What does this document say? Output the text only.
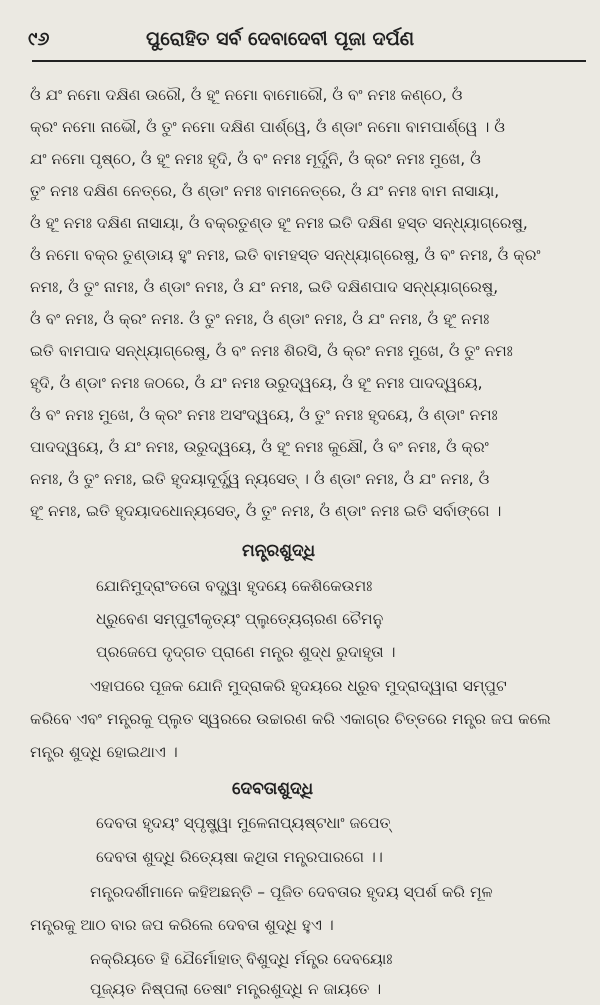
୯୬	ପୁରୋହିତ ସର୍ବ ଦେବାଦେବୀ ପୂଜା ଦର୍ପଣ
ଓଁ ଯଂ ନମୋ ଦକ୍ଷିଣ ଉରୌ, ଓଁ ହୂଂ ନମୋ ବାମୋରୌ, ଓଁ ବଂ ନମଃ କଣ୍ଠେ, ଓଁ
କ୍ରଂ ନମୋ ନାଭୌ, ଓଁ ତୁଂ ନମୋ ଦକ୍ଷିଣ ପାର୍ଶ୍ୱେ, ଓଁ ଣ୍ଡାଂ ନମୋ ବାମପାର୍ଶ୍ୱେ । ଓଁ
ଯଂ ନମୋ ପୃଷ୍ଠେ, ଓଁ ହୂଂ ନମଃ ହୃଦି, ଓଁ ବଂ ନମଃ ମୂର୍ଦ୍ଧ୍ନି, ଓଁ କ୍ରଂ ନମଃ ମୁଖେ, ଓଁ
ତୁଂ ନମଃ ଦକ୍ଷିଣ ନେତ୍ରେ, ଓଁ ଣ୍ଡାଂ ନମଃ ବାମନେତ୍ରେ, ଓଁ ଯଂ ନମଃ ବାମ ନାସାୟା,
ଓଁ ହୂଂ ନମଃ ଦକ୍ଷିଣ ନାସାୟା, ଓଁ ବକ୍ରତୁଣ୍ଡ ହୂଂ ନମଃ ଇତି ଦକ୍ଷିଣ ହସ୍ତ ସନ୍ଧ୍ୟାଗ୍ରେଷୁ,
ଓଁ ନମୋ ବକ୍ର ତୁଣ୍ଡାୟ ହୁଂ ନମଃ, ଇତି ବାମହସ୍ତ ସନ୍ଧ୍ୟାଗ୍ରେଷୁ, ଓଁ ବଂ ନମଃ, ଓଁ କ୍ରଂ
ନମଃ, ଓଁ ତୁଂ ନାମଃ, ଓଁ ଣ୍ଡାଂ ନମଃ, ଓଁ ଯଂ ନମଃ, ଇତି ଦକ୍ଷିଣପାଦ ସନ୍ଧ୍ୟାଗ୍ରେଷୁ,
ଓଁ ବଂ ନମଃ, ଓଁ କ୍ରଂ ନମଃ. ଓଁ ତୁଂ ନମଃ, ଓଁ ଣ୍ଡାଂ ନମଃ, ଓଁ ଯଂ ନମଃ, ଓଁ ହୂଂ ନମଃ
ଇତି ବାମପାଦ ସନ୍ଧ୍ୟାଗ୍ରେଷୁ, ଓଁ ବଂ ନମଃ ଶିରସି, ଓଁ କ୍ରଂ ନମଃ ମୁଖେ, ଓଁ ତୁଂ ନମଃ
ହୃଦି, ଓଁ ଣ୍ଡାଂ ନମଃ ଜଠରେ, ଓଁ ଯଂ ନମଃ ଉରୁଦ୍ୱୟେ, ଓଁ ହୂଂ ନମଃ ପାଦଦ୍ୱୟେ,
ଓଁ ବଂ ନମଃ ମୁଖେ, ଓଁ କ୍ରଂ ନମଃ ଅସଂଦ୍ୱୟେ, ଓଁ ତୁଂ ନମଃ ହୃଦୟେ, ଓଁ ଣ୍ଡାଂ ନମଃ
ପାଦଦ୍ୱୟେ, ଓଁ ଯଂ ନମଃ, ଉରୁଦ୍ୱୟେ, ଓଁ ହୂଂ ନମଃ କୁକ୍ଷୌ, ଓଁ ବଂ ନମଃ, ଓଁ କ୍ରଂ
ନମଃ, ଓଁ ତୁଂ ନମଃ, ଇତି ହୃଦୟାଦୂର୍ଦ୍ଧ୍ୱ ନ୍ୟସେତ୍ । ଓଁ ଣ୍ଡାଂ ନମଃ, ଓଁ ଯଂ ନମଃ, ଓଁ
ହୂଂ ନମଃ, ଇତି ହୃଦୟାଦଧୋନ୍ୟସେତ୍, ଓଁ ତୁଂ ନମଃ, ଓଁ ଣ୍ଡାଂ ନମଃ ଇତି ସର୍ବାଙ୍ଗେ ।
ମନ୍ତ୍ରଶୁଦ୍ଧି
ଯୋନିମୁଦ୍ରାଂତତୋ ବଦ୍ଧ୍ୱା ହୃଦୟେ କେଶିକେଉମଃ
ଧ୍ରୁବେଣ ସମ୍ପୁଟୀକୃତ୍ୟଂ ପ୍ଲୁତ୍ୟେଚାରଣ ଚୈମନୁ
ପ୍ରଜେପେ ଦୃଦ୍‌ଗତ ପ୍ରାଣେ ମନ୍ତ୍ର ଶୁଦ୍ଧ ରୁଦାହୃତା ।
ଏହାପରେ ପୂଜକ ଯୋନି ମୁଦ୍ରାକରି ହୃଦୟରେ ଧ୍ରୁବ ମୁଦ୍ରାଦ୍ୱାରା ସମ୍ପୁଟ
କରିବେ ଏବଂ ମନ୍ତ୍ରକୁ ପ୍ଲୁତ ସ୍ୱରରେ ଉଚ୍ଚାରଣ କରି ଏକାଗ୍ର ଚିତ୍ତରେ ମନ୍ତ୍ର ଜପ କଲେ
ମନ୍ତ୍ର ଶୁଦ୍ଧି ହୋଇଥାଏ ।
ଦେବତାଶୁଦ୍ଧି
ଦେବତା ହୃଦୟଂ ସ୍ପୃଷ୍ଟ୍ୱା ମୁଳେନାପ୍ୟଷ୍ଟଧାଂ ଜପେତ୍
ଦେବତା ଶୁଦ୍ଧି ରିତ୍ୟେଷା କଥିତା ମନ୍ତ୍ରପାରଗେ ।।
ମନ୍ତ୍ରଦର୍ଶୀମାନେ କହିଅଛନ୍ତି – ପୂଜିତ ଦେବତାର ହୃଦୟ ସ୍ପର୍ଶ କରି ମୂଳ
ମନ୍ତ୍ରକୁ ଆଠ ବାର ଜପ କରିଲେ ଦେବତା ଶୁଦ୍ଧି ହୁଏ ।
ନକ୍ରିୟତେ ହି ଯୈର୍ମୋହାତ୍ ବିଶୁଦ୍ଧି ର୍ମନ୍ତ୍ର ଦେବୟୋଃ
ପୂଜ୍ୟତ ନିଷ୍ପଲା ତେଷାଂ ମନ୍ତ୍ରଶୁଦ୍ଧି ନ ଜାୟତେ ।
